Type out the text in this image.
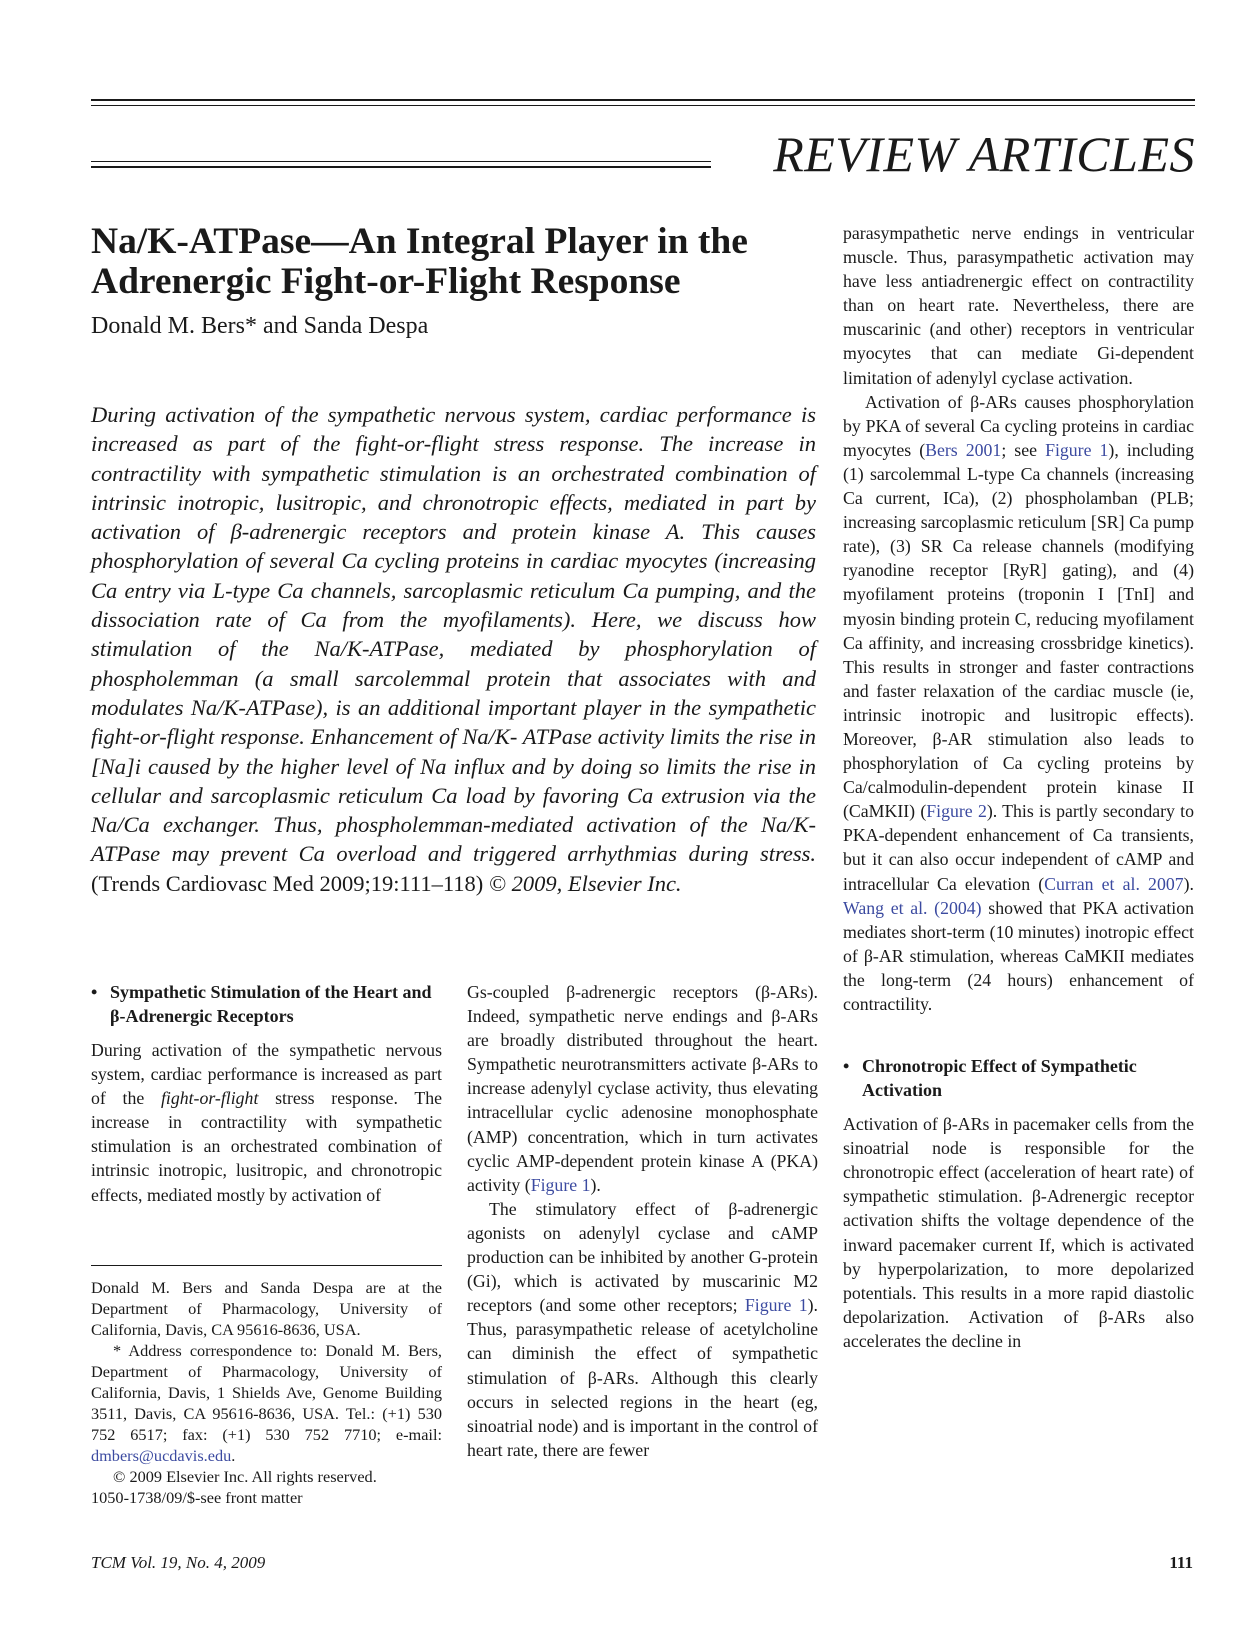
REVIEW ARTICLES
Na/K-ATPase—An Integral Player in the
Adrenergic Fight-or-Flight Response
Donald M. Bers* and Sanda Despa
During activation of the sympathetic nervous system, cardiac performance is increased as part of the fight-or-flight stress response. The increase in contractility with sympathetic stimulation is an orchestrated combination of intrinsic inotropic, lusitropic, and chronotropic effects, mediated in part by activation of β-adrenergic receptors and protein kinase A. This causes phosphorylation of several Ca cycling proteins in cardiac myocytes (increasing Ca entry via L-type Ca channels, sarcoplasmic reticulum Ca pumping, and the dissociation rate of Ca from the myofilaments). Here, we discuss how stimulation of the Na/K-ATPase, mediated by phosphorylation of phospholemman (a small sarcolemmal protein that associates with and modulates Na/K-ATPase), is an additional important player in the sympathetic fight-or-flight response. Enhancement of Na/K- ATPase activity limits the rise in [Na]i caused by the higher level of Na influx and by doing so limits the rise in cellular and sarcoplasmic reticulum Ca load by favoring Ca extrusion via the Na/Ca exchanger. Thus, phospholemman-mediated activation of the Na/K-ATPase may prevent Ca overload and triggered arrhythmias during stress. (Trends Cardiovasc Med 2009;19:111–118) © 2009, Elsevier Inc.
• Sympathetic Stimulation of the Heart and β-Adrenergic Receptors

During activation of the sympathetic nervous system, cardiac performance is increased as part of the fight-or-flight stress response. The increase in contractility with sympathetic stimulation is an orchestrated combination of intrinsic inotropic, lusitropic, and chronotropic effects, mediated mostly by activation of

Donald M. Bers and Sanda Despa are at the Department of Pharmacology, University of California, Davis, CA 95616-8636, USA.

* Address correspondence to: Donald M. Bers, Department of Pharmacology, University of California, Davis, 1 Shields Ave, Genome Building 3511, Davis, CA 95616-8636, USA. Tel.: (+1) 530 752 6517; fax: (+1) 530 752 7710; e-mail: dmbers@ucdavis.edu.

© 2009 Elsevier Inc. All rights reserved.

1050-1738/09/$-see front matter

Gs-coupled β-adrenergic receptors (β-ARs). Indeed, sympathetic nerve endings and β-ARs are broadly distributed throughout the heart. Sympathetic neurotransmitters activate β-ARs to increase adenylyl cyclase activity, thus elevating intracellular cyclic adenosine monophosphate (AMP) concentration, which in turn activates cyclic AMP-dependent protein kinase A (PKA) activity (Figure 1).

The stimulatory effect of β-adrenergic agonists on adenylyl cyclase and cAMP production can be inhibited by another G-protein (Gi), which is activated by muscarinic M2 receptors (and some other receptors; Figure 1). Thus, parasympathetic release of acetylcholine can diminish the effect of sympathetic stimulation of β-ARs. Although this clearly occurs in selected regions in the heart (eg, sinoatrial node) and is important in the control of heart rate, there are fewer

parasympathetic nerve endings in ventricular muscle. Thus, parasympathetic activation may have less antiadrenergic effect on contractility than on heart rate. Nevertheless, there are muscarinic (and other) receptors in ventricular myocytes that can mediate Gi-dependent limitation of adenylyl cyclase activation.

Activation of β-ARs causes phosphorylation by PKA of several Ca cycling proteins in cardiac myocytes (Bers 2001; see Figure 1), including (1) sarcolemmal L-type Ca channels (increasing Ca current, ICa), (2) phospholamban (PLB; increasing sarcoplasmic reticulum [SR] Ca pump rate), (3) SR Ca release channels (modifying ryanodine receptor [RyR] gating), and (4) myofilament proteins (troponin I [TnI] and myosin binding protein C, reducing myofilament Ca affinity, and increasing crossbridge kinetics). This results in stronger and faster contractions and faster relaxation of the cardiac muscle (ie, intrinsic inotropic and lusitropic effects). Moreover, β-AR stimulation also leads to phosphorylation of Ca cycling proteins by Ca/calmodulin-dependent protein kinase II (CaMKII) (Figure 2). This is partly secondary to PKA-dependent enhancement of Ca transients, but it can also occur independent of cAMP and intracellular Ca elevation (Curran et al. 2007). Wang et al. (2004) showed that PKA activation mediates short-term (10 minutes) inotropic effect of β-AR stimulation, whereas CaMKII mediates the long-term (24 hours) enhancement of contractility.

• Chronotropic Effect of Sympathetic Activation

Activation of β-ARs in pacemaker cells from the sinoatrial node is responsible for the chronotropic effect (acceleration of heart rate) of sympathetic stimulation. β-Adrenergic receptor activation shifts the voltage dependence of the inward pacemaker current If, which is activated by hyperpolarization, to more depolarized potentials. This results in a more rapid diastolic depolarization. Activation of β-ARs also accelerates the decline in

TCM Vol. 19, No. 4, 2009	111
